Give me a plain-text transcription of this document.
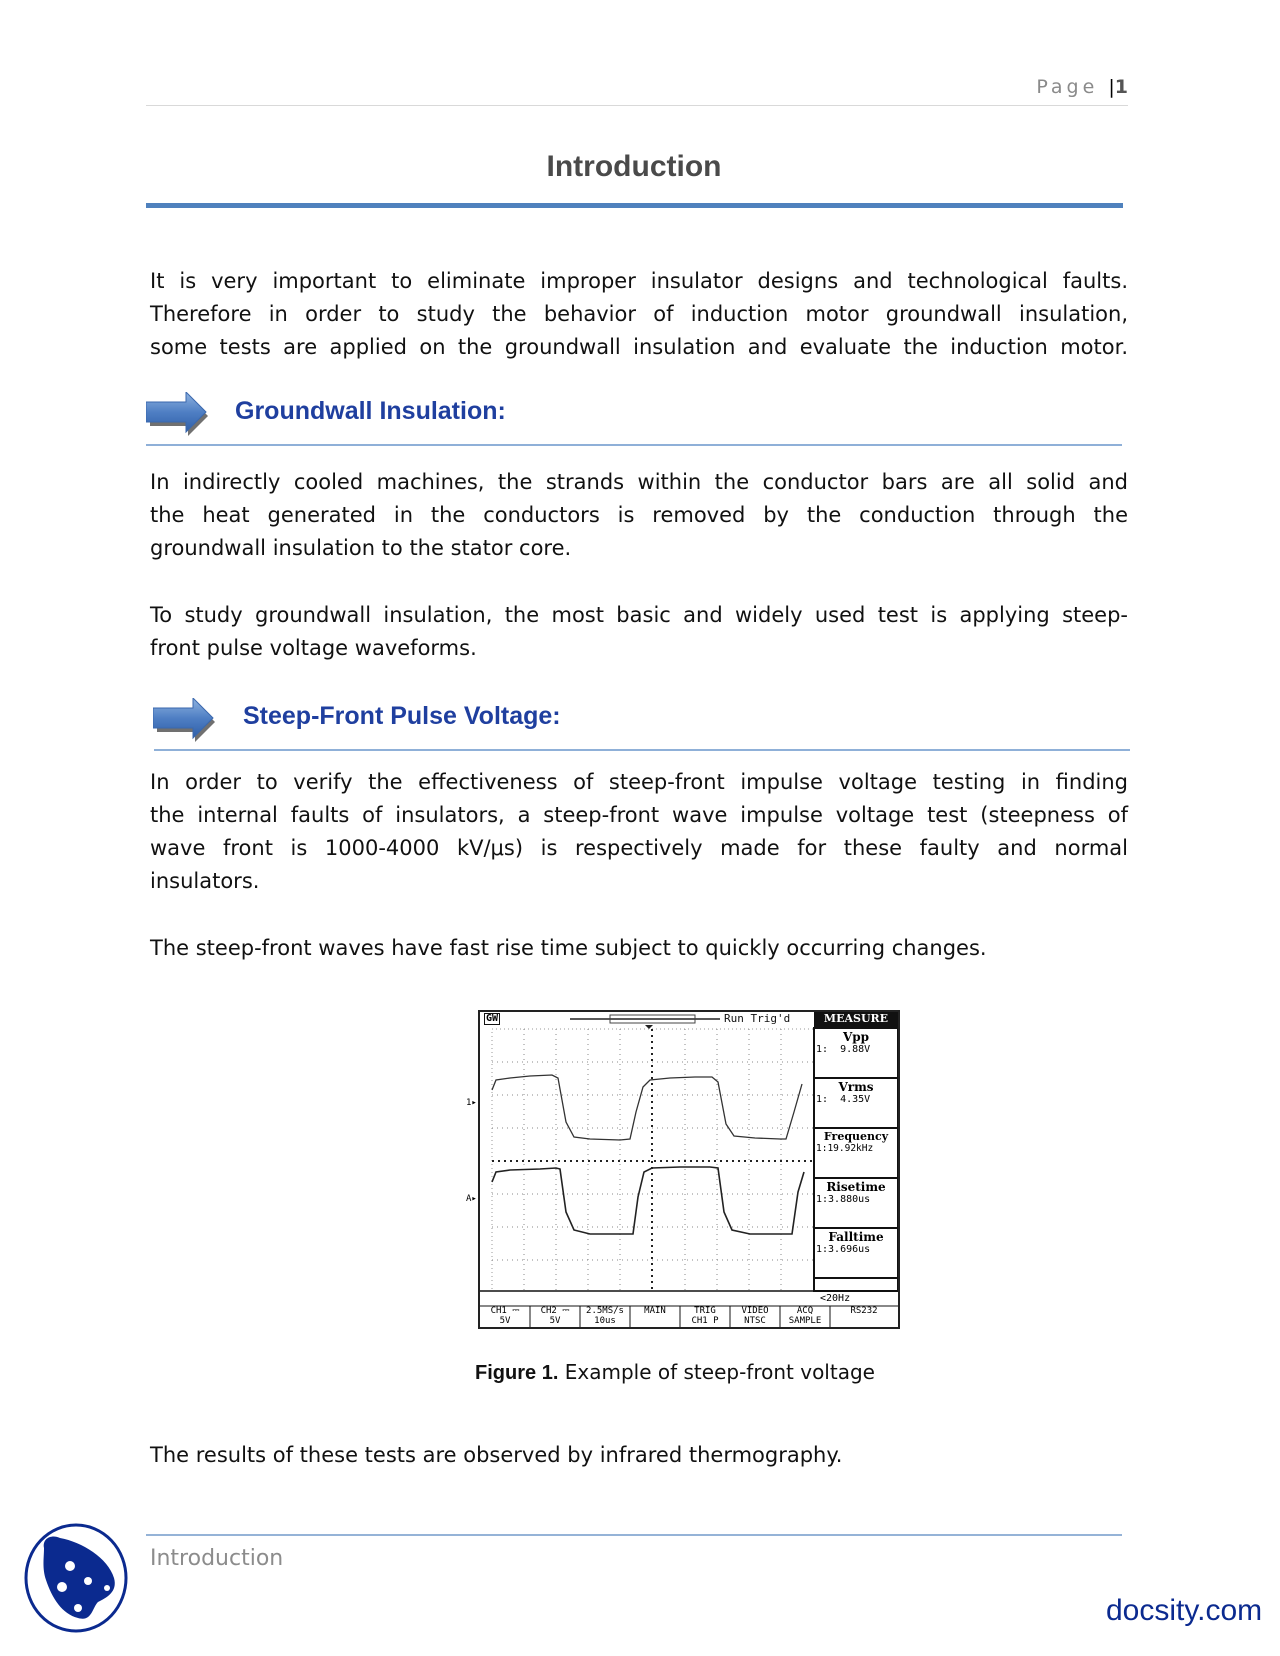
Page |1
Introduction
It is very important to eliminate improper insulator designs and technological faults.
Therefore in order to study the behavior of induction motor groundwall insulation,
some tests are applied on the groundwall insulation and evaluate the induction motor.
Groundwall Insulation:
In indirectly cooled machines, the strands within the conductor bars are all solid and
the heat generated in the conductors is removed by the conduction through the
groundwall insulation to the stator core.
To study groundwall insulation, the most basic and widely used test is applying steep-
front pulse voltage waveforms.
Steep-Front Pulse Voltage:
In order to verify the effectiveness of steep-front impulse voltage testing in finding
the internal faults of insulators, a steep-front wave impulse voltage test (steepness of
wave front is 1000-4000 kV/μs) is respectively made for these faulty and normal
insulators.
The steep-front waves have fast rise time subject to quickly occurring changes.
GW	Run Trig'd	MEASURE
1▸
A▸
Vpp
1:  9.88V
Vrms
1:  4.35V
Frequency
1:19.92kHz
Risetime
1:3.880us
Falltime
1:3.696us
<20Hz
CH1 ⎓
5V
CH2 ⎓
5V
2.5MS/s
10us
MAIN	TRIG
CH1 P
VIDEO
NTSC
ACQ
SAMPLE
RS232
Figure 1. Example of steep-front voltage
The results of these tests are observed by infrared thermography.
Introduction
docsity.com
